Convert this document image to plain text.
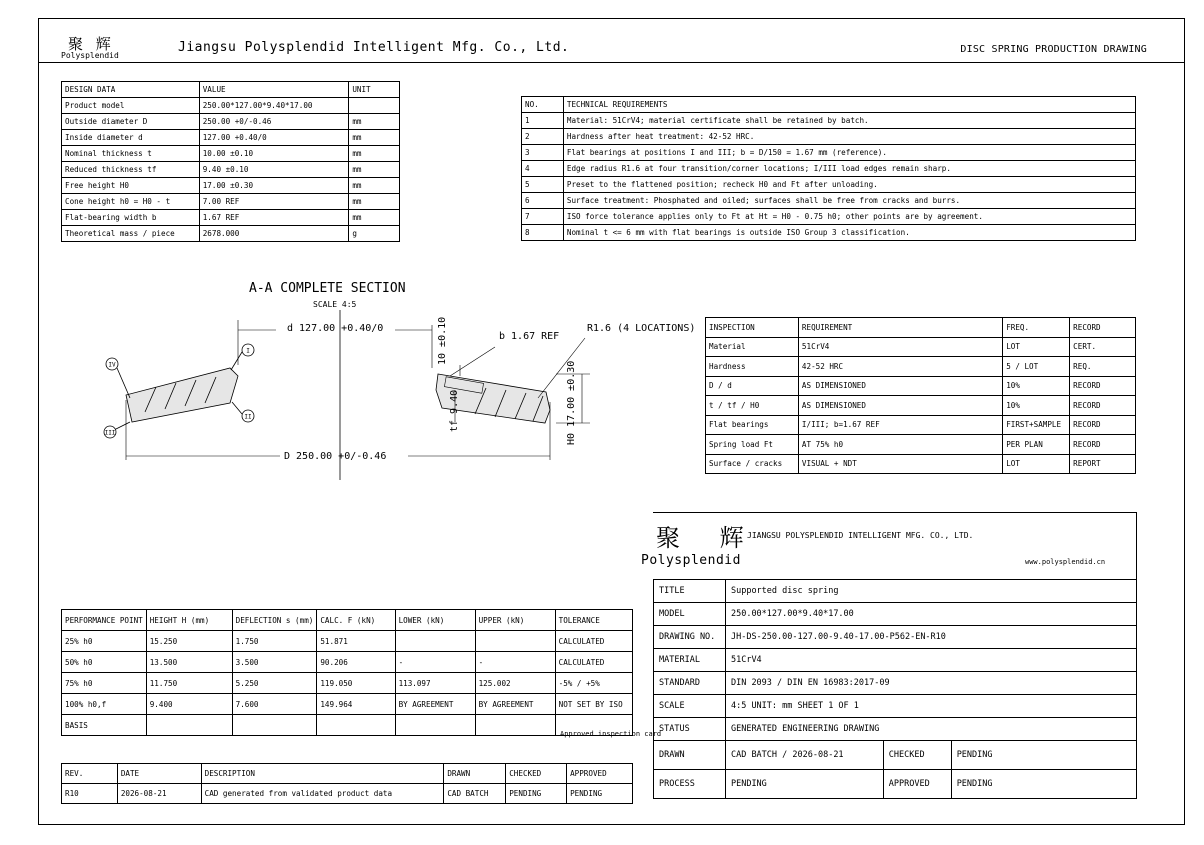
聚 辉
Polysplendid
Jiangsu Polysplendid Intelligent Mfg. Co., Ltd.	DISC SPRING PRODUCTION DRAWING
DESIGN DATA	VALUE	UNIT
Product model	250.00*127.00*9.40*17.00	
Outside diameter D	250.00 +0/-0.46	mm
Inside diameter d	127.00 +0.40/0	mm
Nominal thickness t	10.00 ±0.10	mm
Reduced thickness tf	9.40 ±0.10	mm
Free height H0	17.00 ±0.30	mm
Cone height h0 = H0 - t	7.00 REF	mm
Flat-bearing width b	1.67 REF	mm
Theoretical mass / piece	2678.000	g
NO.	TECHNICAL REQUIREMENTS
1	Material: 51CrV4; material certificate shall be retained by batch.
2	Hardness after heat treatment: 42-52 HRC.
3	Flat bearings at positions I and III; b = D/150 = 1.67 mm (reference).
4	Edge radius R1.6 at four transition/corner locations; I/III load edges remain sharp.
5	Preset to the flattened position; recheck H0 and Ft after unloading.
6	Surface treatment: Phosphated and oiled; surfaces shall be free from cracks and burrs.
7	ISO force tolerance applies only to Ft at Ht = H0 - 0.75 h0; other points are by agreement.
8	Nominal t <= 6 mm with flat bearings is outside ISO Group 3 classification.
A-A COMPLETE SECTION
SCALE 4:5
IV
I
III
II
d 127.00 +0.40/0
D 250.00 +0/-0.46
b 1.67 REF
R1.6 (4 LOCATIONS)
10 ±0.10
tf 9.40	H0 17.00 ±0.30
INSPECTION	REQUIREMENT	FREQ.	RECORD
Material	51CrV4	LOT	CERT.
Hardness	42-52 HRC	5 / LOT	REQ.
D / d	AS DIMENSIONED	10%	RECORD
t / tf / H0	AS DIMENSIONED	10%	RECORD
Flat bearings	I/III; b=1.67 REF	FIRST+SAMPLE	RECORD
Spring load Ft	AT 75% h0	PER PLAN	RECORD
Surface / cracks	VISUAL + NDT	LOT	REPORT
PERFORMANCE POINT	HEIGHT H (mm)	DEFLECTION s (mm)	CALC. F (kN)	LOWER (kN)	UPPER (kN)	TOLERANCE
25% h0	15.250	1.750	51.871			CALCULATED
50% h0	13.500	3.500	90.206	-	-	CALCULATED
75% h0	11.750	5.250	119.050	113.097	125.002	-5% / +5%
100% h0,f	9.400	7.600	149.964	BY AGREEMENT	BY AGREEMENT	NOT SET BY ISO
BASIS						
Approved inspection card
REV.	DATE	DESCRIPTION	DRAWN	CHECKED	APPROVED
R10	2026-08-21	CAD generated from validated product data	CAD BATCH	PENDING	PENDING
聚 辉
JIANGSU POLYSPLENDID INTELLIGENT MFG. CO., LTD.
Polysplendid	www.polysplendid.cn
TITLE	Supported disc spring		
MODEL	250.00*127.00*9.40*17.00		
DRAWING NO.	JH-DS-250.00-127.00-9.40-17.00-P562-EN-R10		
MATERIAL	51CrV4		
STANDARD	DIN 2093 / DIN EN 16983:2017-09		
SCALE	4:5 UNIT: mm SHEET 1 OF 1		
STATUS	GENERATED ENGINEERING DRAWING		
DRAWN	CAD BATCH / 2026-08-21	CHECKED	PENDING
PROCESS	PENDING	APPROVED	PENDING
